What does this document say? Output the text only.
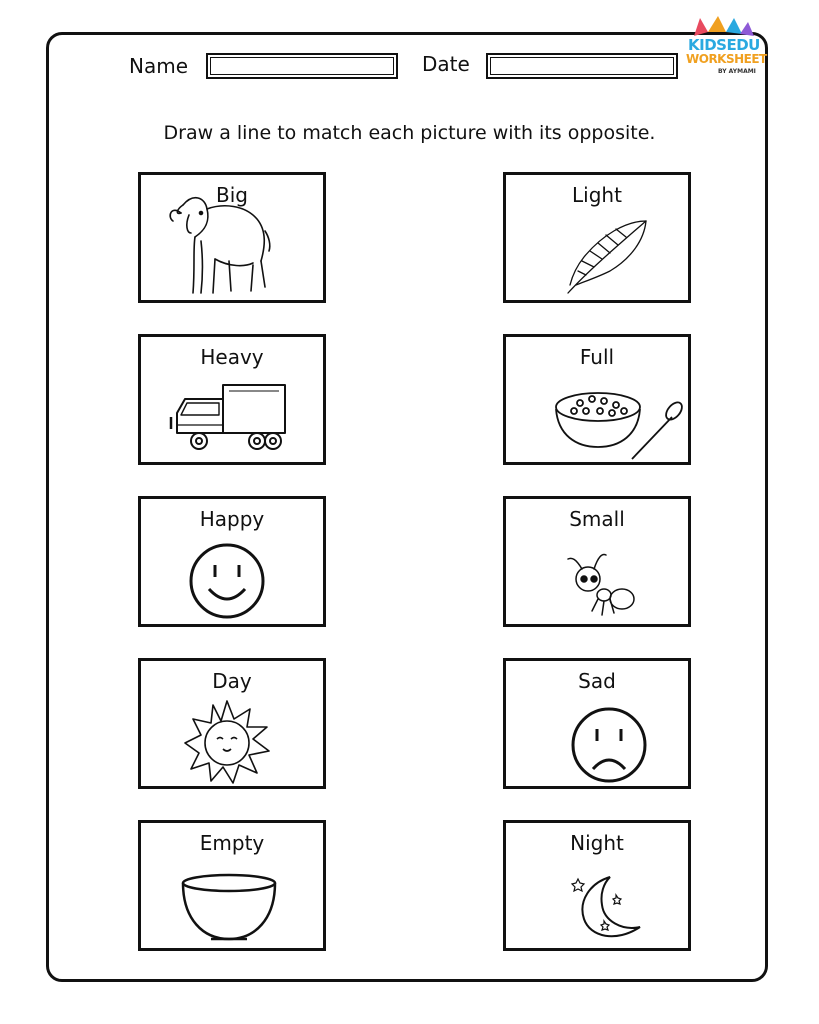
Name	Date
KIDSEDU
WORKSHEET
BY AYMAMI
Draw a line to match each picture with its opposite.
Big
Heavy
Happy
Day
Empty
Light
Full
Small
Sad
Night
